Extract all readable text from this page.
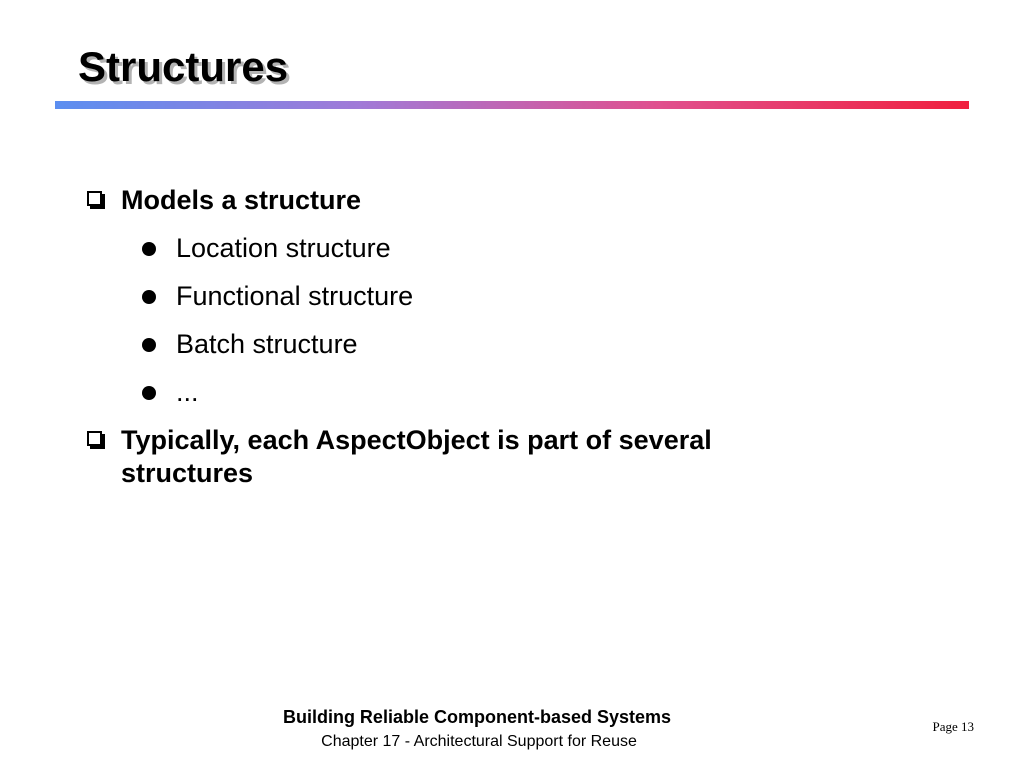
Structures
Models a structure
Location structure
Functional structure
Batch structure
...
Typically, each AspectObject is part of several structures
Building Reliable Component-based Systems
Chapter 17 - Architectural Support for Reuse
Page 13
